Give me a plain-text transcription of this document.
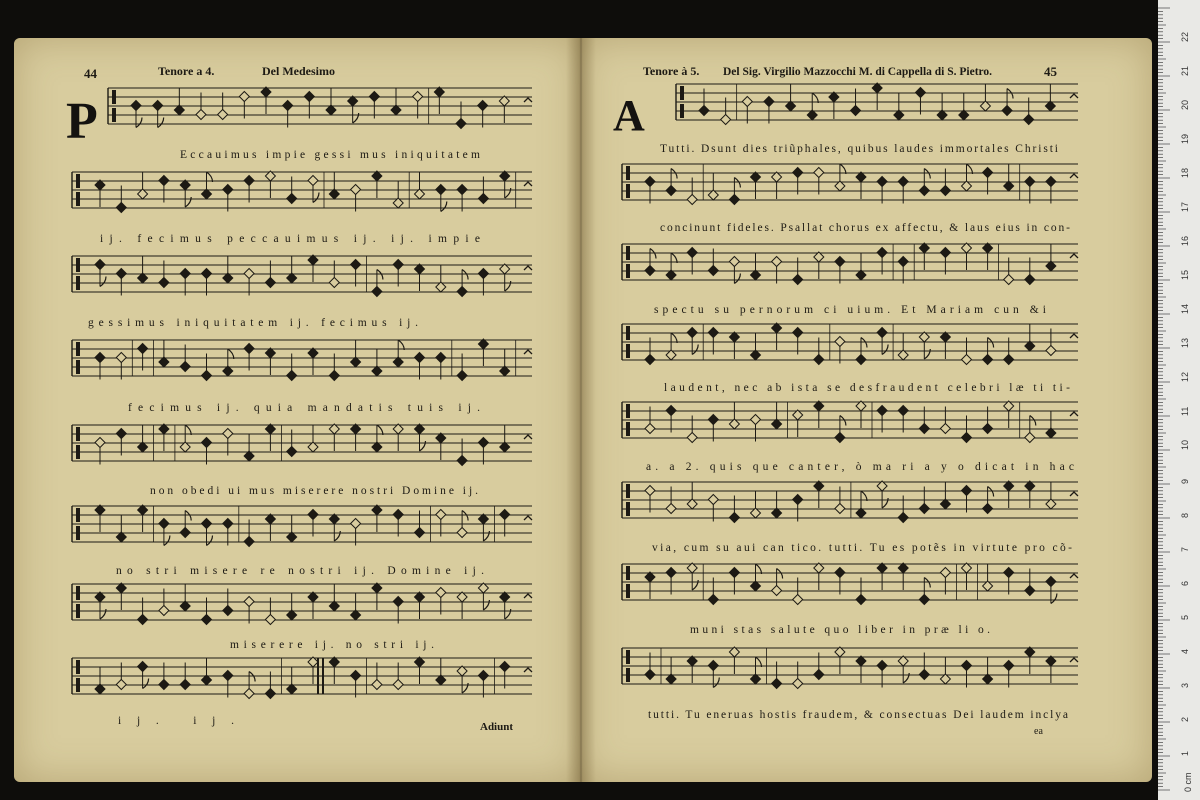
1
2
3
4
5
6
7
8
9
10
11
12
13
14
15
16
17
18
19
20
21
22
0 cm
44	Tenore a 4.	Del Medesimo	Tenore à 5. Del Sig. Virgilio Mazzocchi M. di Cappella di S. Pietro.	45
P	A
Eccauimus impie gessi mus iniquitatem
ij. fecimus peccauimus ij. ij. impie
gessimus iniquitatem ij. fecimus ij.
fecimus ij. quia mandatis tuis ij.
non obedi ui mus miserere nostri Domine ij.
no stri misere re nostri ij. Domine ij.
miserere ij. no stri ij.
ij. ij.	Adiunt
Tutti. Dsunt dies triũphales, quibus laudes immortales Christi
concinunt fideles. Psallat chorus ex affectu, & laus eius in con-
spectu su pernorum ci uium. Et Mariam cun &i
laudent, nec ab ista se desfraudent celebri læ ti ti-
a. a 2. quis que canter, ò ma ri a y o dicat in hac
via, cum su aui can tico. tutti. Tu es potẽs in virtute pro cõ-
muni stas salute quo liber in præ li o.
tutti. Tu eneruas hostis fraudem, & consectuas Dei laudem inclya
ea
